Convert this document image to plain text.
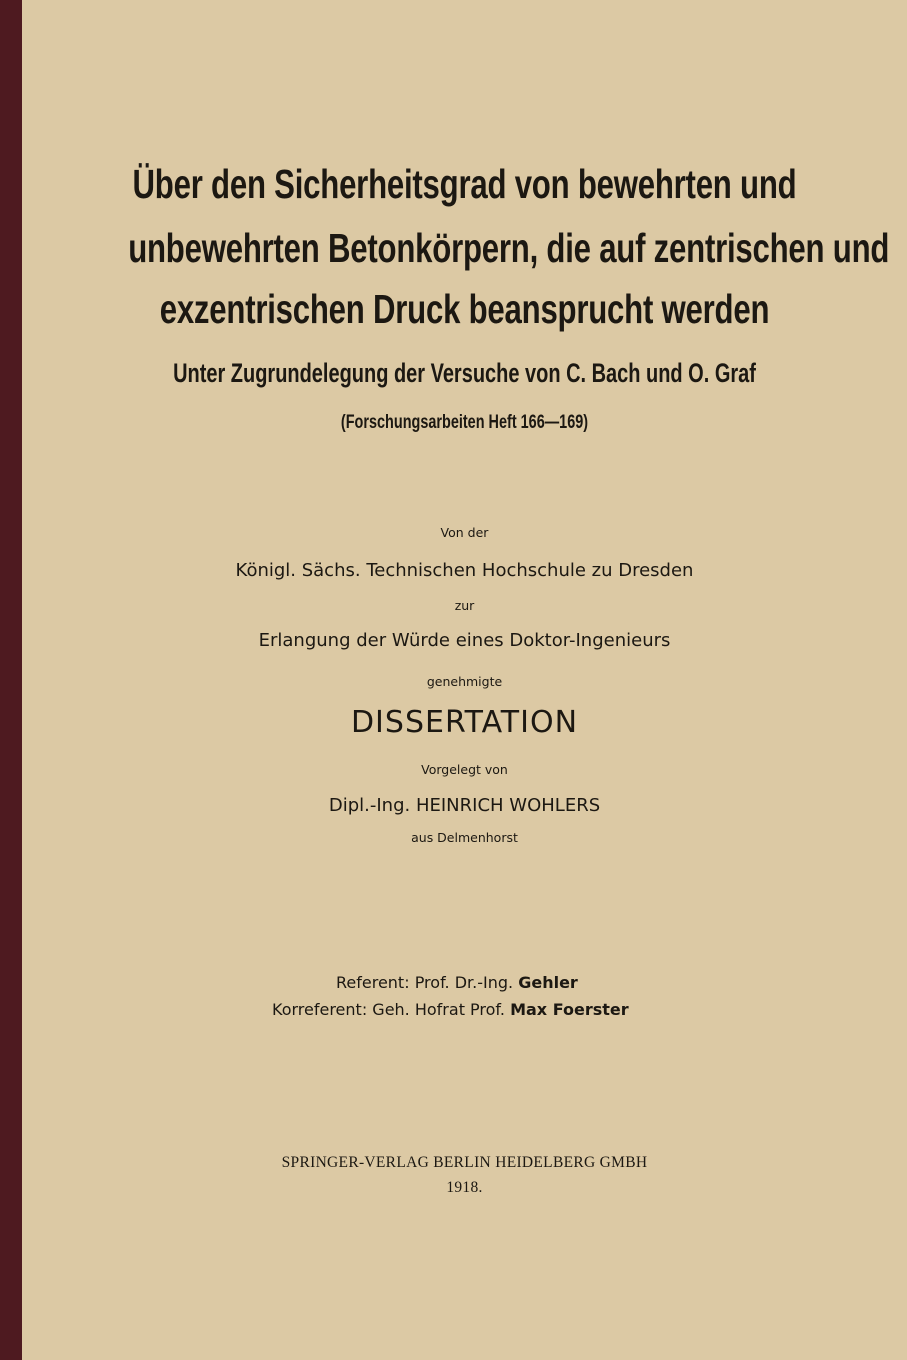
Über den Sicherheitsgrad von bewehrten und
unbewehrten Betonkörpern, die auf zentrischen und
exzentrischen Druck beansprucht werden
Unter Zugrundelegung der Versuche von C. Bach und O. Graf
(Forschungsarbeiten Heft 166—169)
Von der
Königl. Sächs. Technischen Hochschule zu Dresden
zur
Erlangung der Würde eines Doktor-Ingenieurs
genehmigte
DISSERTATION
Vorgelegt von
Dipl.-Ing. HEINRICH WOHLERS
aus Delmenhorst
Referent: Prof. Dr.-Ing. Gehler
Korreferent: Geh. Hofrat Prof. Max Foerster
SPRINGER-VERLAG BERLIN HEIDELBERG GMBH
1918.
